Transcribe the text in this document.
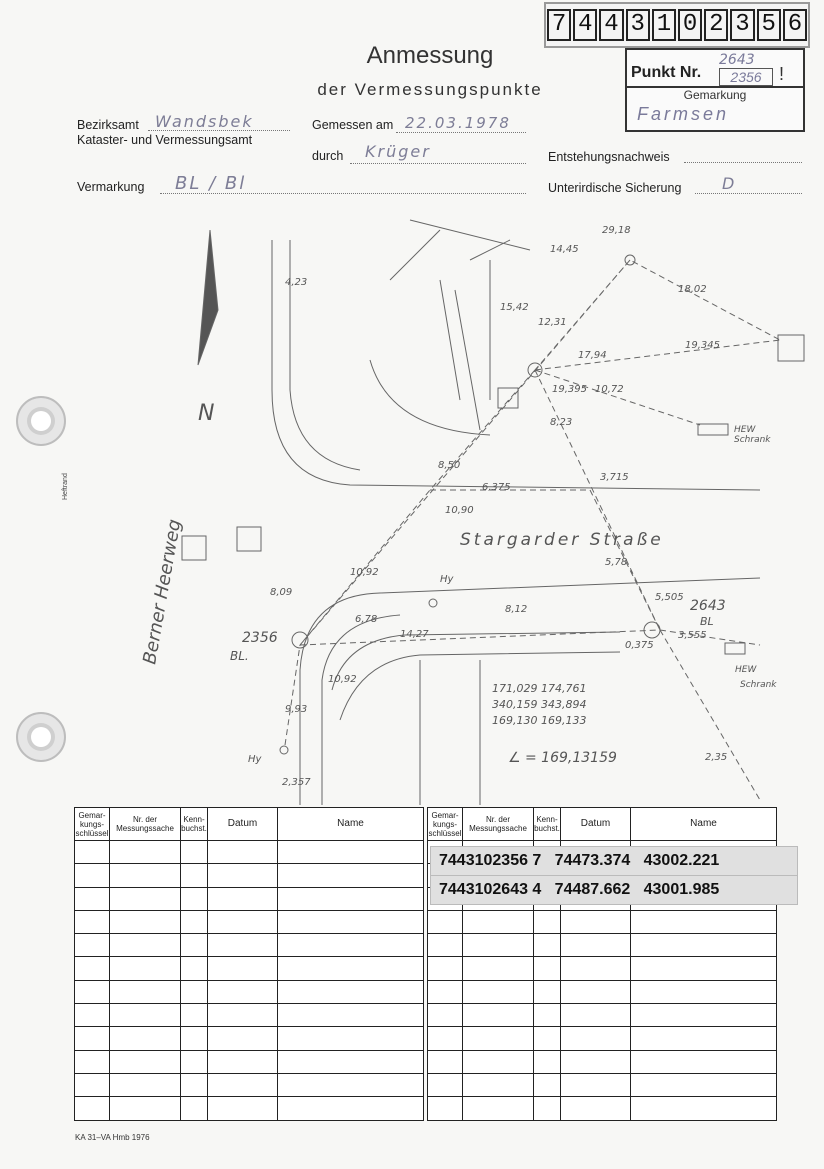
Heftrand
7 4 4 3 1 0 2 3 5 6
Anmessung
der Vermessungspunkte
Punkt Nr.
2643
2356 !
Gemarkung
Farmsen
Bezirksamt Wandsbek
Kataster- und Vermessungsamt
Gemessen am 22.03.1978
durch Krüger	Entstehungsnachweis
Vermarkung BL / Bl	Unterirdische Sicherung	D
Berner Heerweg	Stargarder Straße
2356
BL.
2643
BL
HEW
Schrank
HEW
Schrank
N
Hy
Hy
29,18
14,45
18,02
12,31
19,345
17,94
10,72
19,395
8,23
6,375
3,715
8,50
10,90
10,92
8,09
6,78
8,12
14,27
5,505
3,555
5,78
9,93
2,35
4,23
2,357
0,375
15,42
10,92
171,029 174,761
340,159 343,894
169,130 169,133
∠ = 169,13159
Gemar-kungs-schlüssel	Nr. der Messungssache	Kenn-buchst.	Datum	Name

Gemar-kungs-schlüssel	Nr. der Messungssache	Kenn-buchst.	Datum	Name

7443102356 7   74473.374   43002.221
7443102643 4   74487.662   43001.985
KA 31–VA Hmb 1976
